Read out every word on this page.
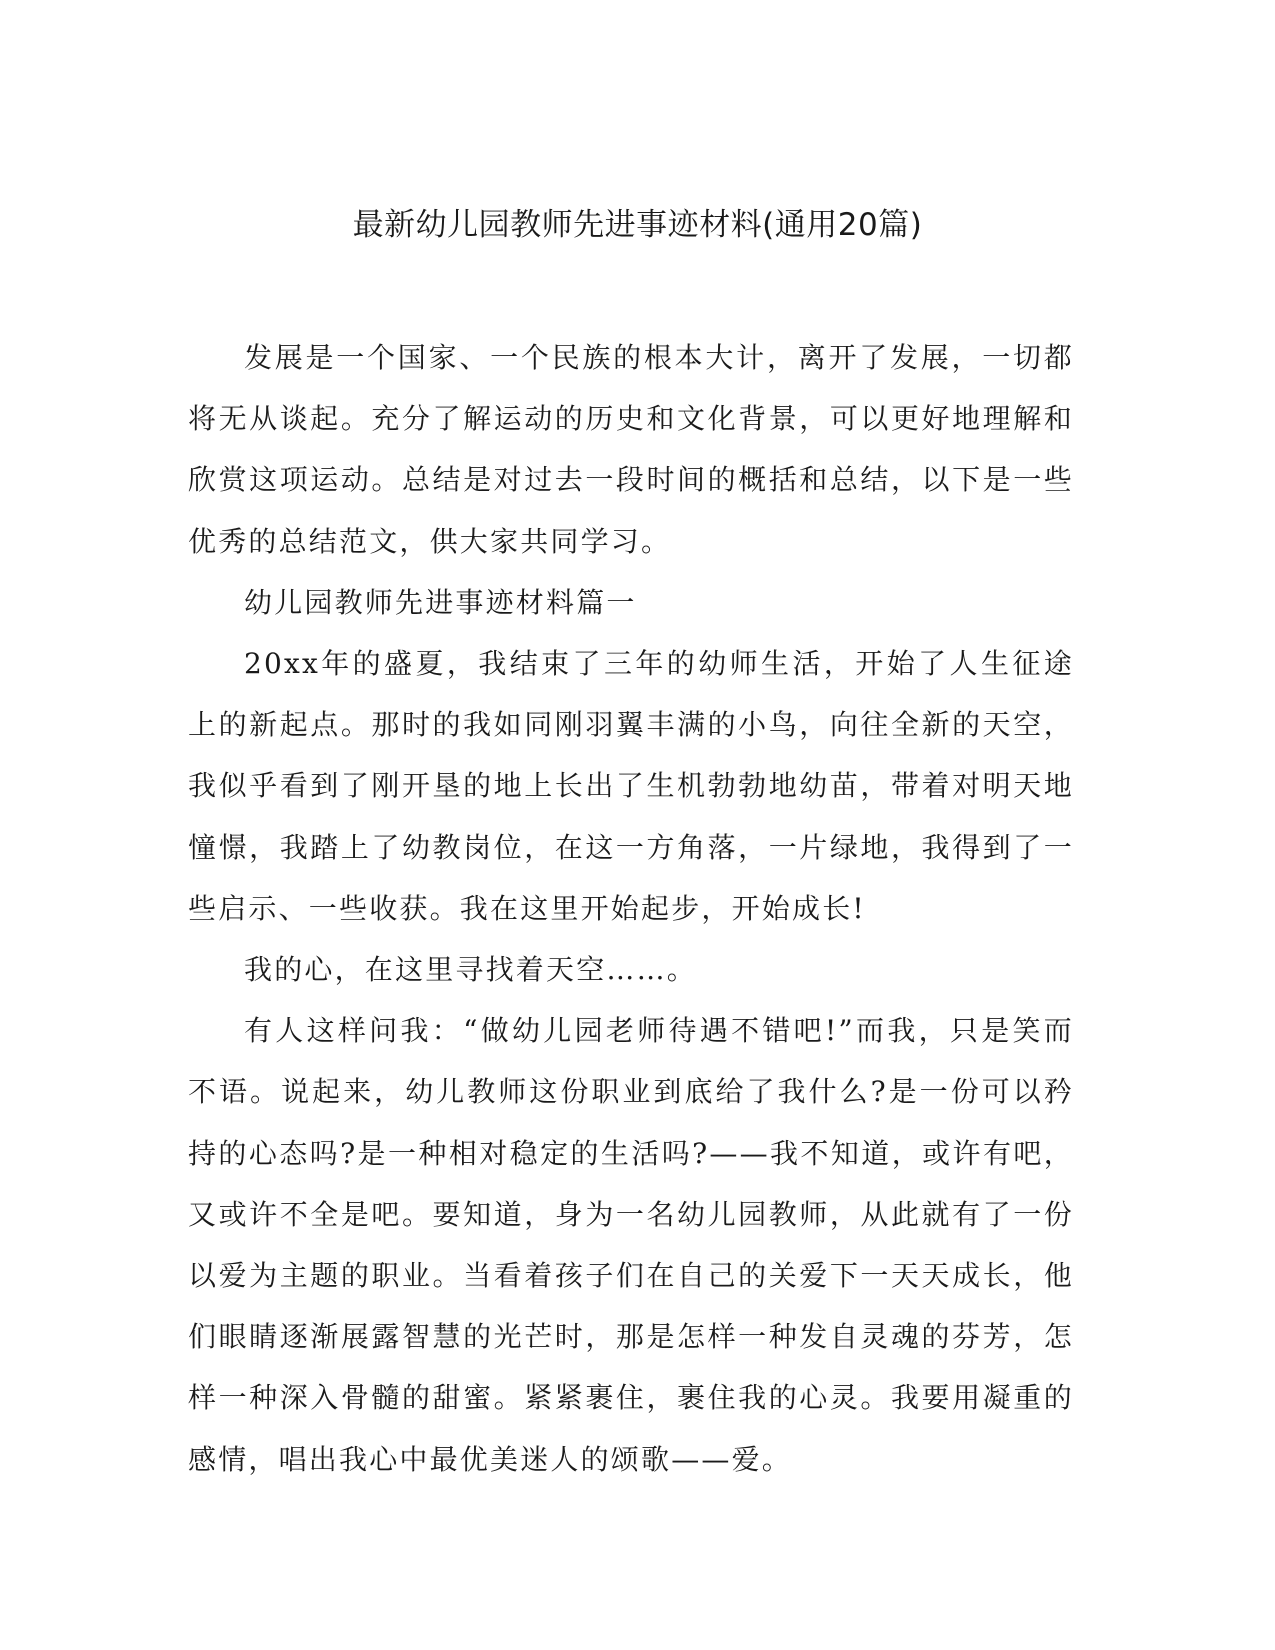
最新幼儿园教师先进事迹材料(通用20篇)

发展是一个国家、一个民族的根本大计，离开了发展，一切都将无从谈起。充分了解运动的历史和文化背景，可以更好地理解和欣赏这项运动。总结是对过去一段时间的概括和总结，以下是一些优秀的总结范文，供大家共同学习。

幼儿园教师先进事迹材料篇一

20xx年的盛夏，我结束了三年的幼师生活，开始了人生征途上的新起点。那时的我如同刚羽翼丰满的小鸟，向往全新的天空，我似乎看到了刚开垦的地上长出了生机勃勃地幼苗，带着对明天地憧憬，我踏上了幼教岗位，在这一方角落，一片绿地，我得到了一些启示、一些收获。我在这里开始起步，开始成长!

我的心，在这里寻找着天空……。

有人这样问我：“做幼儿园老师待遇不错吧!”而我，只是笑而不语。说起来，幼儿教师这份职业到底给了我什么?是一份可以矜持的心态吗?是一种相对稳定的生活吗?——我不知道，或许有吧，又或许不全是吧。要知道，身为一名幼儿园教师，从此就有了一份以爱为主题的职业。当看着孩子们在自己的关爱下一天天成长，他们眼睛逐渐展露智慧的光芒时，那是怎样一种发自灵魂的芬芳，怎样一种深入骨髓的甜蜜。紧紧裹住，裹住我的心灵。我要用凝重的感情，唱出我心中最优美迷人的颂歌——爱。
